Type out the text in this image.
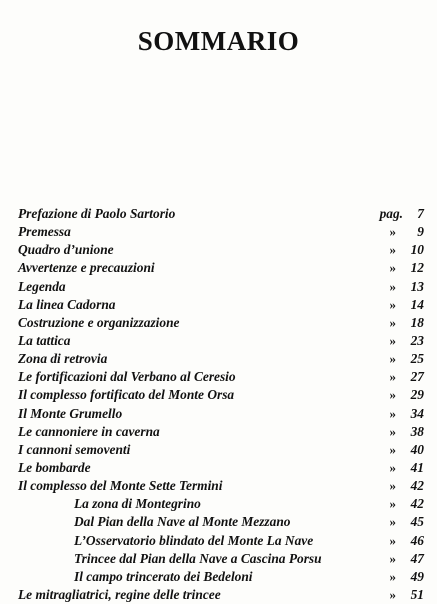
SOMMARIO
Prefazione di Paolo Sartorio	pag.	7
Premessa	»	9
Quadro d’unione	»	10
Avvertenze e precauzioni	»	12
Legenda	»	13
La linea Cadorna	»	14
Costruzione e organizzazione	»	18
La tattica	»	23
Zona di retrovia	»	25
Le fortificazioni dal Verbano al Ceresio	»	27
Il complesso fortificato del Monte Orsa	»	29
Il Monte Grumello	»	34
Le cannoniere in caverna	»	38
I cannoni semoventi	»	40
Le bombarde	»	41
Il complesso del Monte Sette Termini	»	42
La zona di Montegrino	»	42
Dal Pian della Nave al Monte Mezzano	»	45
L’Osservatorio blindato del Monte La Nave	»	46
Trincee dal Pian della Nave a Cascina Porsu	»	47
Il campo trincerato dei Bedeloni	»	49
Le mitragliatrici, regine delle trincee	»	51
